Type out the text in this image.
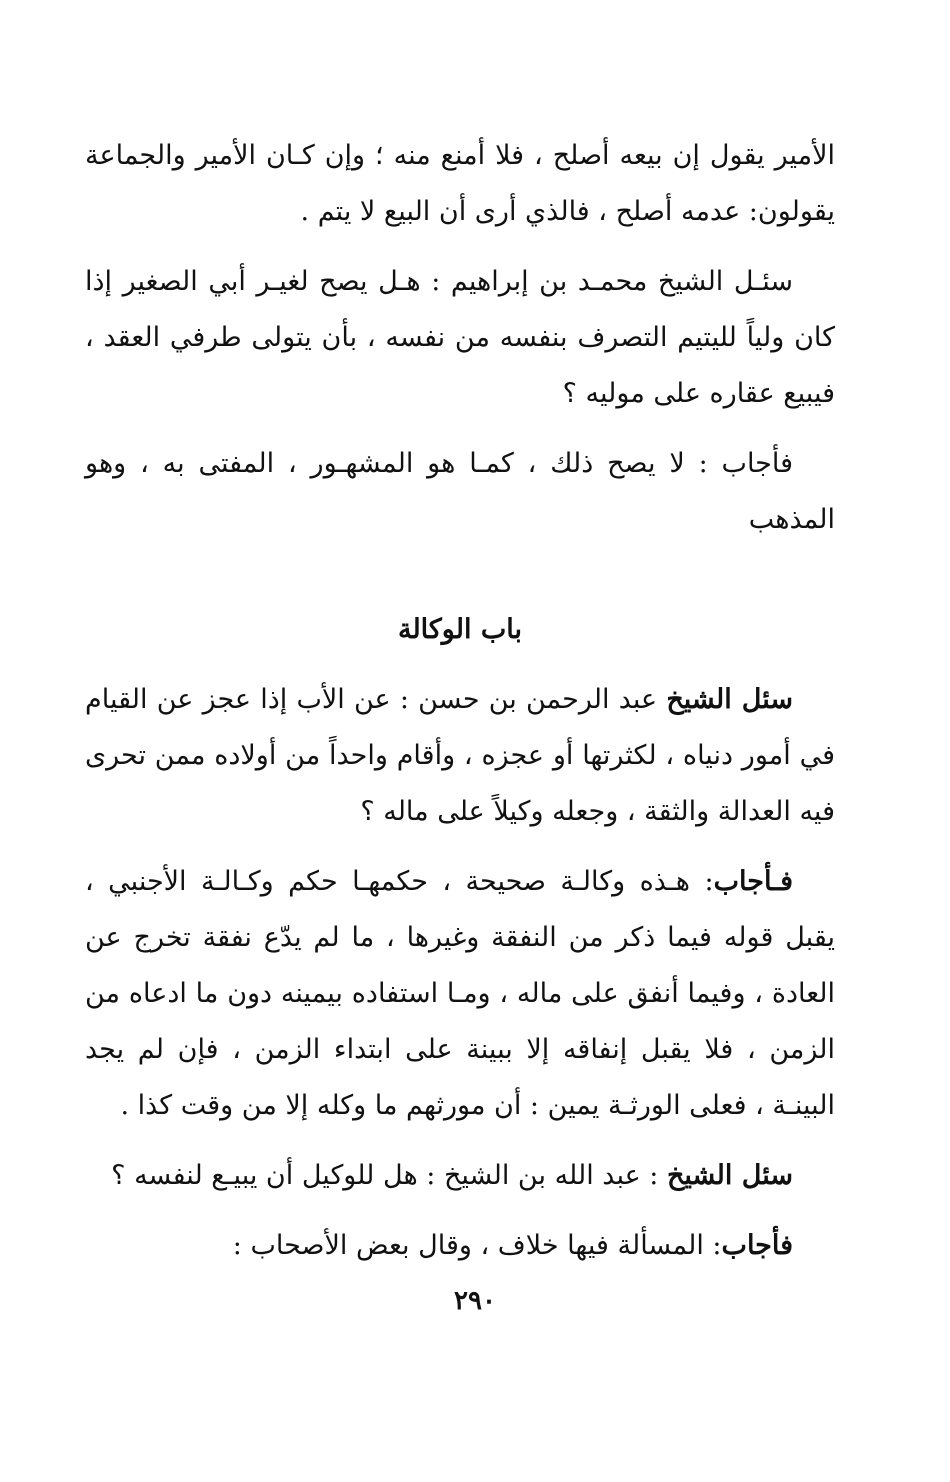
الأمير يقول إن بيعه أصلح ، فلا أمنع منه ؛ وإن كـان الأمير والجماعة يقولون: عدمه أصلح ، فالذي أرى أن البيع لا يتم .

سئـل الشيخ محمـد بن إبراهيم : هـل يصح لغيـر أبي الصغير إذا كان ولياً لليتيم التصرف بنفسه من نفسه ، بأن يتولى طرفي العقد ، فيبيع عقاره على موليه ؟

فأجاب : لا يصح ذلك ، كمـا هو المشهـور ، المفتى به ، وهو المذهب

باب الوكالة

سئل الشيخ عبد الرحمن بن حسن : عن الأب إذا عجز عن القيام في أمور دنياه ، لكثرتها أو عجزه ، وأقام واحداً من أولاده ممن تحرى فيه العدالة والثقة ، وجعله وكيلاً على ماله ؟

فـأجاب: هـذه وكالـة صحيحة ، حكمهـا حكم وكـالـة الأجنبي ، يقبل قوله فيما ذكر من النفقة وغيرها ، ما لم يدّع نفقة تخرج عن العادة ، وفيما أنفق على ماله ، ومـا استفاده بيمينه دون ما ادعاه من الزمن ، فلا يقبل إنفاقه إلا ببينة على ابتداء الزمن ، فإن لم يجد البينـة ، فعلى الورثـة يمين : أن مورثهم ما وكله إلا من وقت كذا .

سئل الشيخ : عبد الله بن الشيخ : هل للوكيل أن يبيـع لنفسه ؟

فأجاب: المسألة فيها خلاف ، وقال بعض الأصحاب :

٢٩٠
